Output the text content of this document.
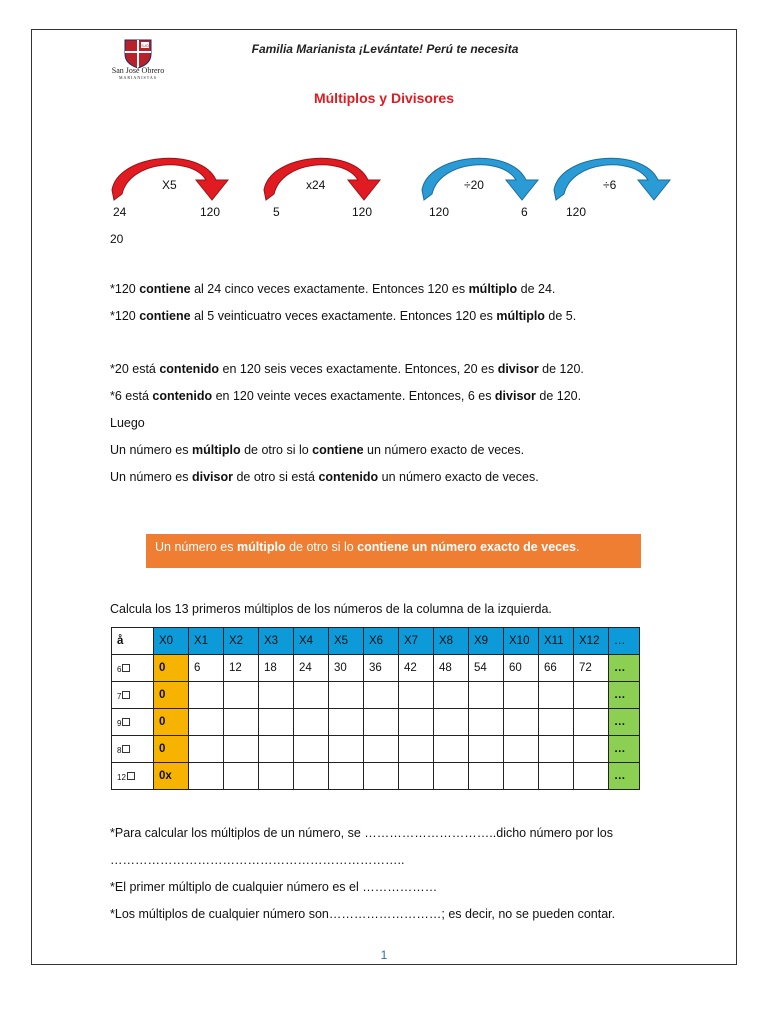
SJO
San José Obrero
MARIANISTAS
Familia Marianista ¡Levántate! Perú te necesita
Múltiplos y Divisores
X5
24	120
x24
5	120
÷20
120	6
÷6
120
20
*120 contiene al 24 cinco veces exactamente. Entonces 120 es múltiplo de 24.
*120 contiene al 5 veinticuatro veces exactamente. Entonces 120 es múltiplo de 5.
*20 está contenido en 120 seis veces exactamente. Entonces, 20 es divisor de 120.
*6 está contenido en 120 veinte veces exactamente. Entonces, 6 es divisor de 120.
Luego
Un número es múltiplo de otro si lo contiene un número exacto de veces.
Un número es divisor de otro si está contenido un número exacto de veces.
Un número es múltiplo de otro si lo contiene un número exacto de veces.
Calcula los 13 primeros múltiplos de los números de la columna de la izquierda.
å	X0	X1	X2	X3	X4	X5	X6	X7	X8	X9	X10	X11	X12	…
6	0	6	12	18	24	30	36	42	48	54	60	66	72	…
7	0													…
9	0													…
8	0													…
12	0x													…
*Para calcular los múltiplos de un número, se …………………………..dicho número por los
……………………………………………………………..
*El primer múltiplo de cualquier número es el ………………
*Los múltiplos de cualquier número son………………………; es decir, no se pueden contar.
1
